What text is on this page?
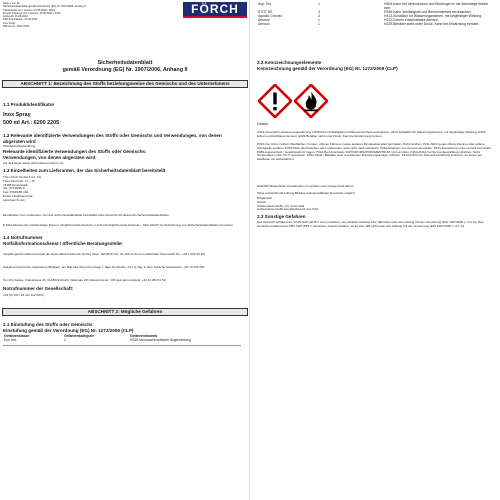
Seite 1 von 32
Sicherheitsdatenblatt gemäß Verordnung (EG) Nr. 1907/2006, Anhang II
Überarbeitet am / Version: 21.06.2022 / 0015
Ersetzt Fassung vom / Version: 25.05.2022 / 0015
Gültig ab: 21.06.2022
PDF-Druckdatum: 23.06.2022
Inox Spray
500 ml Art.: 6200 2205
FÖRCH
Sicherheitsdatenblatt
gemäß Verordnung (EG) Nr. 1907/2006, Anhang II
ABSCHNITT 1: Bezeichnung des Stoffs beziehungsweise des Gemischs und des Unternehmens
1.1 Produktidentifikator
Inox Spray
500 ml Art.: 6200 2205
1.2 Relevante identifizierte Verwendungen des Stoffs oder Gemischs und Verwendungen, von denen abgeraten wird
Oberflächenbehandlung
Relevante identifizierte Verwendungen des Stoffs oder Gemischs:
Verwendungen, von denen abgeraten wird:
Zur Zeit liegen keine Informationen hierzu vor.
1.3 Einzelheiten zum Lieferanten, der das Sicherheitsdatenblatt bereitstellt
Theo Förch GmbH & Co. KG
Theo-Förch-Str. 11 – 15
74196 Neuenstadt
Tel.: 07139/95-0
Fax: 07139/95-190
Email: info@foerch.de
www.foerch.com
Einzelheiten zum Lieferanten, der das Sicherheitsdatenblatt bereitstellt siehe Abschnitt 16 dieses EG-Sicherheitsdatenblattes.
E-Mail-Adresse der sachkundigen Person: info@chemical-check.de, k.schmuhsch@chemical-check.de – bitte NICHT zur Anforderung von Sicherheitsdatenblättern benutzen.
1.4 Notrufnummer
Notfallinformationsdienst / öffentliche Beratungsstelle:
Vergiftungsinformationszentrale der Gesundheit Österreich GmbH, Wien. NOTRUF Tel.: 01 406 43 43 (von außerhalb Österreichs Tel.: +43 1 406 43 43)
AntigifcentrumCentre Antipoisons (Belgien), am Ball wird ihnen Ihre Frage 7 Tage die Woche, 24 h je Tag, in Ihrer Sprache beantwortet, +32 70 245 245
Tox Info Suisse, Freiestrasse 16, CH-8032 Zürich, Nationale 24h-Nottelnummer: 145 (aus dem Ausland: +41 44 251 51 51)
Notrufnummer der Gesellschaft:
+49 (0) 700 / 24 112 112 (FPC)
ABSCHNITT 2: Mögliche Gefahren
2.1 Einstufung des Stoffs oder Gemischs
Einstufung gemäß der Verordnung (EG) Nr. 1272/2008 (CLP)
Gefahrenklasse	Gefahrenkategorie	Gefahrenhinweis
Eye Irrit.	2	H319-Verursacht schwere Augenreizung
Asp. Tox.	1	H304-Kann bei Verschlucken und Eindringen in die Atemwege tödlich sein.
STOT SE	3	H336-Kann Schläfrigkeit und Benommenheit verursachen.
Aquatic Chronic	3	H412-Schädlich für Wasserorganismen, mit langfristiger Wirkung.
Aerosol	1	H222-Extrem entzündbares Aerosol.
Aerosol	1	H229-Behälter steht unter Druck: Kann bei Erwärmung bersten.
2.2 Kennzeichnungselemente
Kennzeichnung gemäß der Verordnung (EG) Nr. 1272/2008 (CLP)
Gefahr
H319-Verursacht schwere Augenreizung. H336-Kann Schläfrigkeit und Benommenheit verursachen. H412-Schädlich für Wasserorganismen, mit langfristiger Wirkung. H222-Extrem entzündbares Aerosol. H229-Behälter steht unter Druck: Kann bei Erwärmung bersten.
P210-Von Hitze, heißen Oberflächen, Funken, offenen Flammen sowie anderen Zündquellenarten fernhalten. Nicht rauchen. P211-Nicht gegen offene Flamme oder andere Zündquelle sprühen. P251-Nicht durchstechen oder verbrennen, auch nicht nach Gebrauch. P261-Einatmen von Aerosol vermeiden. P273-Freisetzung in die Umwelt vermeiden. P280-Augenschutz / Gesichtsschutz tragen. P312-Bei Unwohlsein GIFTINFORMATIONSZENTRUM / Arzt anrufen. P410+P412-Vor Sonnenbestrahlung schützen. Nicht Temperaturen über 50 °C aussetzen. P501-Inhalt / Behälter einer anerkannten Entsorgungsanlage zuführen. P410+P403-Vor Sonnenbestrahlung schützen. An einem gut belüfteten Ort aufbewahren.
EUH066-Wiederholter Kontakt kann zu spröder oder rissiger Haut führen.
Ohne ausreichende Lüftung Bildung explosionsfähiger Gemische möglich.
Ethylacetat
Aceton
Kohlenwasserstoffe, C3, Ammoniak
Kohlenwasserstoffe aus Ethylbenzol und Xylol
2.3 Sonstige Gefahren
Das Gemisch enthält keine vPvB-Stoff (vPvB = very persistent, very bioaccumulative) bzw. fällt nicht unter den Anhang XIII der Verordnung (EG) 1907/2006 (< 0,1 %). Das Gemisch enthält keinen PBT-Stoff (PBT = persistent, bioaccumulative, toxic) bzw. fällt nicht unter den Anhang XIII der Verordnung (EG) 1907/2006 (< 0,1 %).
